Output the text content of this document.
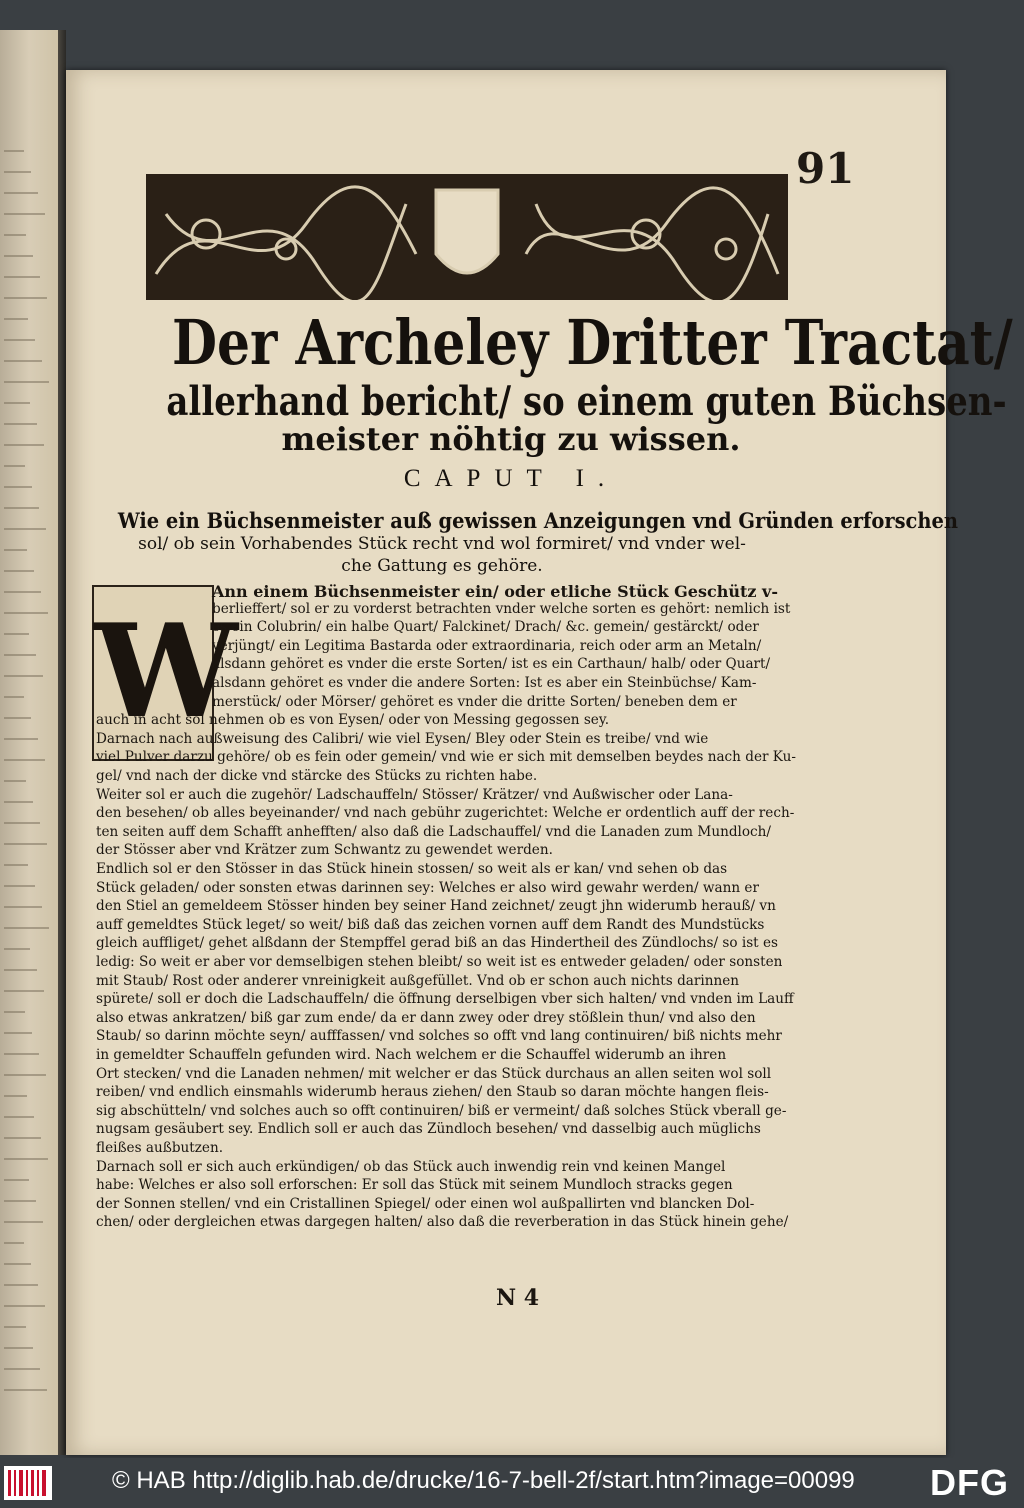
91
Der Archeley Dritter Tractat/
allerhand bericht/ so einem guten Büchsen-
meister nöhtig zu wissen.
CAPUT I.
Wie ein Büchsenmeister auß gewissen Anzeigungen vnd Gründen erforschen
sol/ ob sein Vorhabendes Stück recht vnd wol formiret/ vnd vnder wel-
che Gattung es gehöre.
W
Ann einem Büchsenmeister ein/ oder etliche Stück Geschütz v-
berlieffert/ sol er zu vorderst betrachten vnder welche sorten es gehört: nemlich ist
es ein Colubrin/ ein halbe Quart/ Falckinet/ Drach/ &c. gemein/ gestärckt/ oder
verjüngt/ ein Legitima Bastarda oder extraordinaria, reich oder arm an Metaln/
alsdann gehöret es vnder die erste Sorten/ ist es ein Carthaun/ halb/ oder Quart/
alsdann gehöret es vnder die andere Sorten: Ist es aber ein Steinbüchse/ Kam-
merstück/ oder Mörser/ gehöret es vnder die dritte Sorten/ beneben dem er
auch in acht sol nehmen ob es von Eysen/ oder von Messing gegossen sey.
Darnach nach außweisung des Calibri/ wie viel Eysen/ Bley oder Stein es treibe/ vnd wie
viel Pulver darzu gehöre/ ob es fein oder gemein/ vnd wie er sich mit demselben beydes nach der Ku-
gel/ vnd nach der dicke vnd stärcke des Stücks zu richten habe.
Weiter sol er auch die zugehör/ Ladschauffeln/ Stösser/ Krätzer/ vnd Außwischer oder Lana-
den besehen/ ob alles beyeinander/ vnd nach gebühr zugerichtet: Welche er ordentlich auff der rech-
ten seiten auff dem Schafft anhefften/ also daß die Ladschauffel/ vnd die Lanaden zum Mundloch/
der Stösser aber vnd Krätzer zum Schwantz zu gewendet werden.
Endlich sol er den Stösser in das Stück hinein stossen/ so weit als er kan/ vnd sehen ob das
Stück geladen/ oder sonsten etwas darinnen sey: Welches er also wird gewahr werden/ wann er
den Stiel an gemeldeem Stösser hinden bey seiner Hand zeichnet/ zeugt jhn widerumb herauß/ vn
auff gemeldtes Stück leget/ so weit/ biß daß das zeichen vornen auff dem Randt des Mundstücks
gleich auffliget/ gehet alßdann der Stempffel gerad biß an das Hindertheil des Zündlochs/ so ist es
ledig: So weit er aber vor demselbigen stehen bleibt/ so weit ist es entweder geladen/ oder sonsten
mit Staub/ Rost oder anderer vnreinigkeit außgefüllet. Vnd ob er schon auch nichts darinnen
spürete/ soll er doch die Ladschauffeln/ die öffnung derselbigen vber sich halten/ vnd vnden im Lauff
also etwas ankratzen/ biß gar zum ende/ da er dann zwey oder drey stößlein thun/ vnd also den
Staub/ so darinn möchte seyn/ aufffassen/ vnd solches so offt vnd lang continuiren/ biß nichts mehr
in gemeldter Schauffeln gefunden wird. Nach welchem er die Schauffel widerumb an ihren
Ort stecken/ vnd die Lanaden nehmen/ mit welcher er das Stück durchaus an allen seiten wol soll
reiben/ vnd endlich einsmahls widerumb heraus ziehen/ den Staub so daran möchte hangen fleis-
sig abschütteln/ vnd solches auch so offt continuiren/ biß er vermeint/ daß solches Stück vberall ge-
nugsam gesäubert sey. Endlich soll er auch das Zündloch besehen/ vnd dasselbig auch müglichs
fleißes außbutzen.
Darnach soll er sich auch erkündigen/ ob das Stück auch inwendig rein vnd keinen Mangel
habe: Welches er also soll erforschen: Er soll das Stück mit seinem Mundloch stracks gegen
der Sonnen stellen/ vnd ein Cristallinen Spiegel/ oder einen wol außpallirten vnd blancken Dol-
chen/ oder dergleichen etwas dargegen halten/ also daß die reverberation in das Stück hinein gehe/
N 4
© HAB http://diglib.hab.de/drucke/16-7-bell-2f/start.htm?image=00099 DFG
